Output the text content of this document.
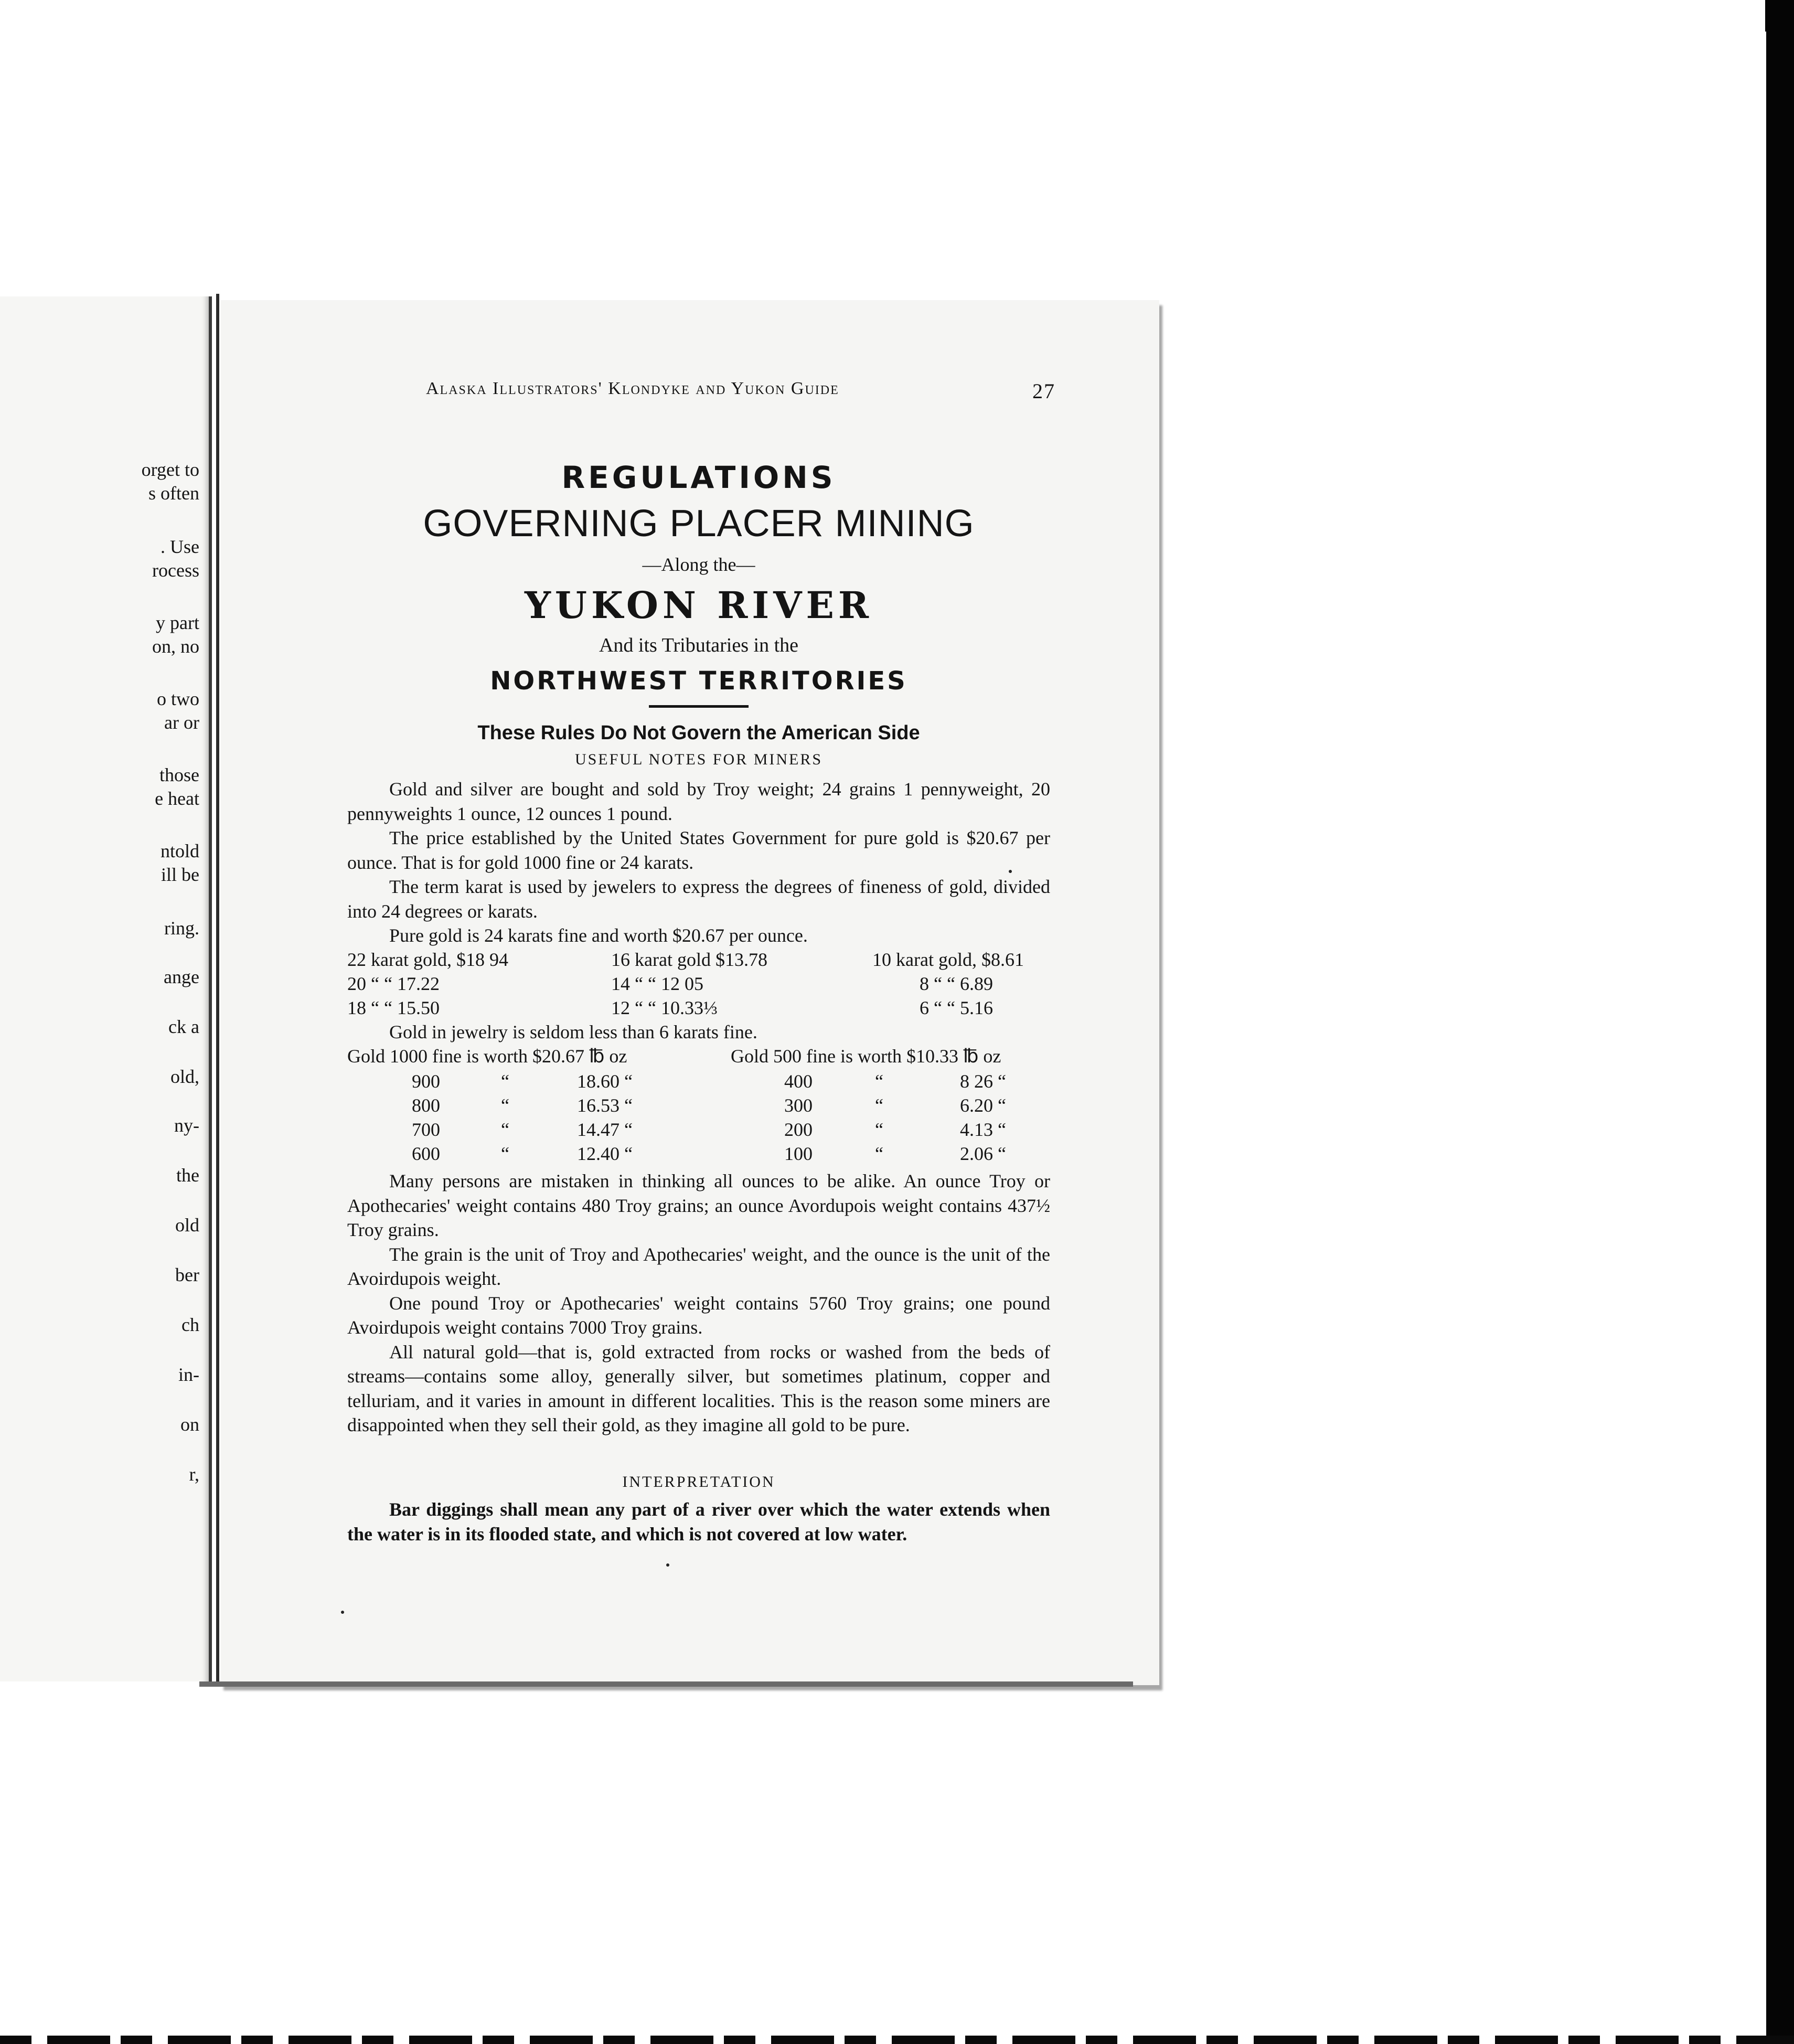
orget to
s often
. Use
rocess
y part
on, no
o two
ar or
those
e heat
ntold
ill be
ring.
ange
ck a
old,
ny-
the
old
ber
ch
in-
on
r,
Alaska Illustrators' Klondyke and Yukon Guide	27
REGULATIONS
GOVERNING PLACER MINING
—Along the—
YUKON RIVER
And its Tributaries in the
NORTHWEST TERRITORIES
These Rules Do Not Govern the American Side
USEFUL NOTES FOR MINERS

Gold and silver are bought and sold by Troy weight; 24 grains 1 pennyweight, 20 pennyweights 1 ounce, 12 ounces 1 pound.

The price established by the United States Government for pure gold is $20.67 per ounce. That is for gold 1000 fine or 24 karats.

The term karat is used by jewelers to express the degrees of fineness of gold, divided into 24 degrees or karats.

Pure gold is 24 karats fine and worth $20.67 per ounce.

22 karat gold, $18 94	16 karat gold $13.78	10 karat gold, $8.61
20 “ “ 17.22	14 “ “ 12 05	8 “ “ 6.89
18 “ “ 15.50	12 “ “ 10.33⅓	6 “ “ 5.16

Gold in jewelry is seldom less than 6 karats fine.

Gold 1000 fine is worth $20.67 ℔ oz	Gold 500 fine is worth $10.33 ℔ oz
900	“	18.60 “	400	“	8 26 “
800	“	16.53 “	300	“	6.20 “
700	“	14.47 “	200	“	4.13 “
600	“	12.40 “	100	“	2.06 “

Many persons are mistaken in thinking all ounces to be alike. An ounce Troy or Apothecaries' weight contains 480 Troy grains; an ounce Avordupois weight contains 437½ Troy grains.

The grain is the unit of Troy and Apothecaries' weight, and the ounce is the unit of the Avoirdupois weight.

One pound Troy or Apothecaries' weight contains 5760 Troy grains; one pound Avoirdupois weight contains 7000 Troy grains.

All natural gold—that is, gold extracted from rocks or washed from the beds of streams—contains some alloy, generally silver, but sometimes platinum, copper and telluriam, and it varies in amount in different localities. This is the reason some miners are disappointed when they sell their gold, as they imagine all gold to be pure.

INTERPRETATION

Bar diggings shall mean any part of a river over which the water extends when the water is in its flooded state, and which is not covered at low water.
